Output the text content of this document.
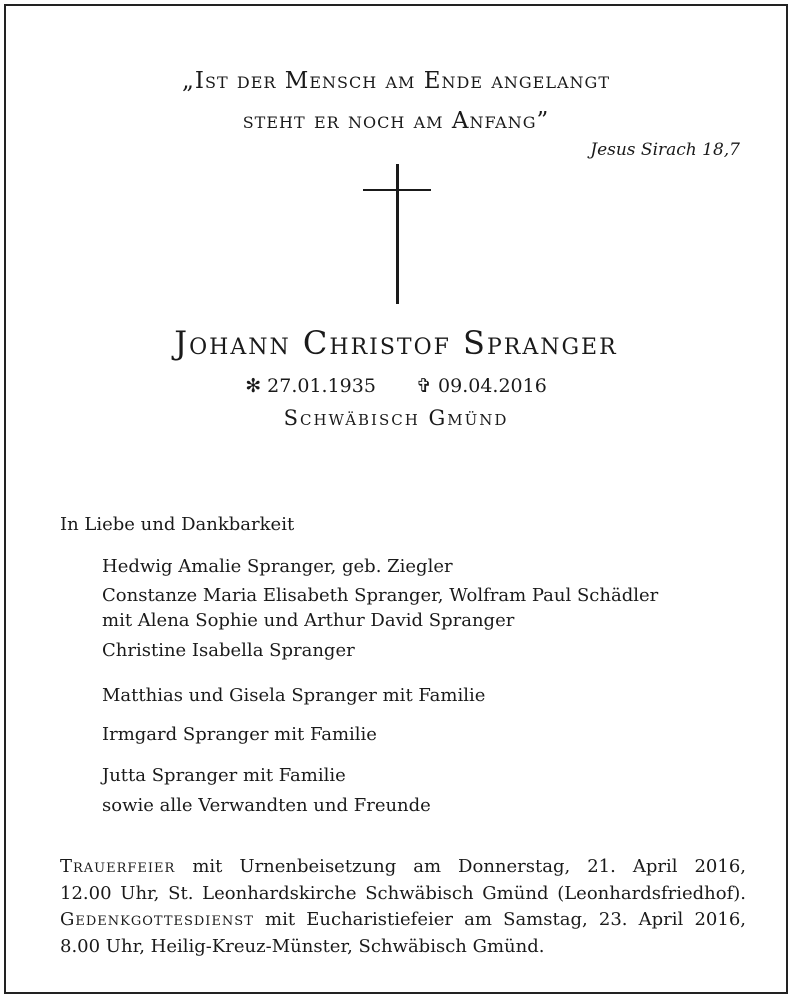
„Ist der Mensch am Ende angelangt
steht er noch am Anfang”
Jesus Sirach 18,7
Johann Christof Spranger
✻ 27.01.1935 ✞ 09.04.2016
Schwäbisch Gmünd
In Liebe und Dankbarkeit
Hedwig Amalie Spranger, geb. Ziegler
Constanze Maria Elisabeth Spranger, Wolfram Paul Schädler
mit Alena Sophie und Arthur David Spranger
Christine Isabella Spranger
Matthias und Gisela Spranger mit Familie
Irmgard Spranger mit Familie
Jutta Spranger mit Familie
sowie alle Verwandten und Freunde
Trauerfeier mit Urnenbeisetzung am Donnerstag, 21. April 2016,
12.00 Uhr, St. Leonhardskirche Schwäbisch Gmünd (Leonhardsfriedhof).
Gedenkgottesdienst mit Eucharistiefeier am Samstag, 23. April 2016,
8.00 Uhr, Heilig-Kreuz-Münster, Schwäbisch Gmünd.
